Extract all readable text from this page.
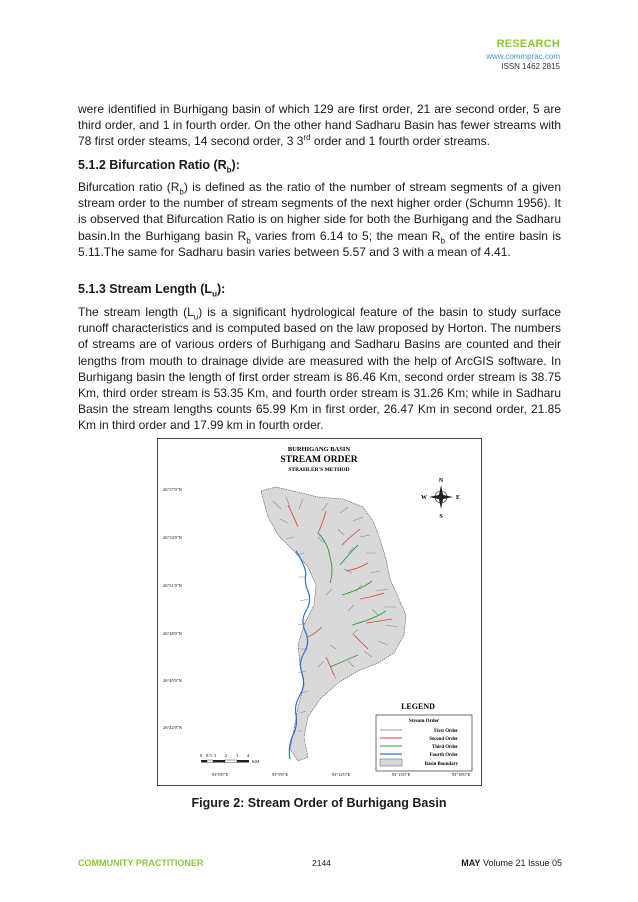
RESEARCH
www.commprac.com
ISSN 1462 2815

were identified in Burhigang basin of which 129 are first order, 21 are second order, 5 are third order, and 1 in fourth order. On the other hand Sadharu Basin has fewer streams with 78 first order steams, 14 second order, 3 3rd order and 1 fourth order streams.

5.1.2 Bifurcation Ratio $(R_b)$:

Bifurcation ratio $(R_b)$ is defined as the ratio of the number of stream segments of a given stream order to the number of stream segments of the next higher order (Schumn 1956). It is observed that Bifurcation Ratio is on higher side for both the Burhigang and the Sadharu basin.In the Burhigang basin $R_b$ varies from 6.14 to 5; the mean $R_b$ of the entire basin is 5.11.The same for Sadharu basin varies between 5.57 and 3 with a mean of 4.41.

5.1.3 Stream Length $(L_u)$:

The stream length $(L_u)$ is a significant hydrological feature of the basin to study surface runoff characteristics and is computed based on the law proposed by Horton. The numbers of streams are of various orders of Burhigang and Sadharu Basins are counted and their lengths from mouth to drainage divide are measured with the help of ArcGIS software. In Burhigang basin the length of first order stream is 86.46 Km, second order stream is 38.75 Km, third order stream is 53.35 Km, and fourth order stream is 31.26 Km; while in Sadharu Basin the stream lengths counts 65.99 Km in first order, 26.47 Km in second order, 21.85 Km in third order and 17.99 km in fourth order.

BURHIGANG BASIN
STREAM ORDER
STRAHLER'S METHOD
26°57'0"N
26°54'0"N
26°51'0"N
26°48'0"N
26°45'0"N
26°42'0"N
93°6'0"E	93°9'0"E	93°12'0"E	93°15'0"E	93°18'0"E
N
S
E
W
LEGEND
Stream Order
First Order
Second Order
Third Order
Fourth Order
Basin Boundary
0 0.5 1 2 3 4
KM
Figure 2: Stream Order of Burhigang Basin
COMMUNITY PRACTITIONER	2144	MAY Volume 21 Issue 05
